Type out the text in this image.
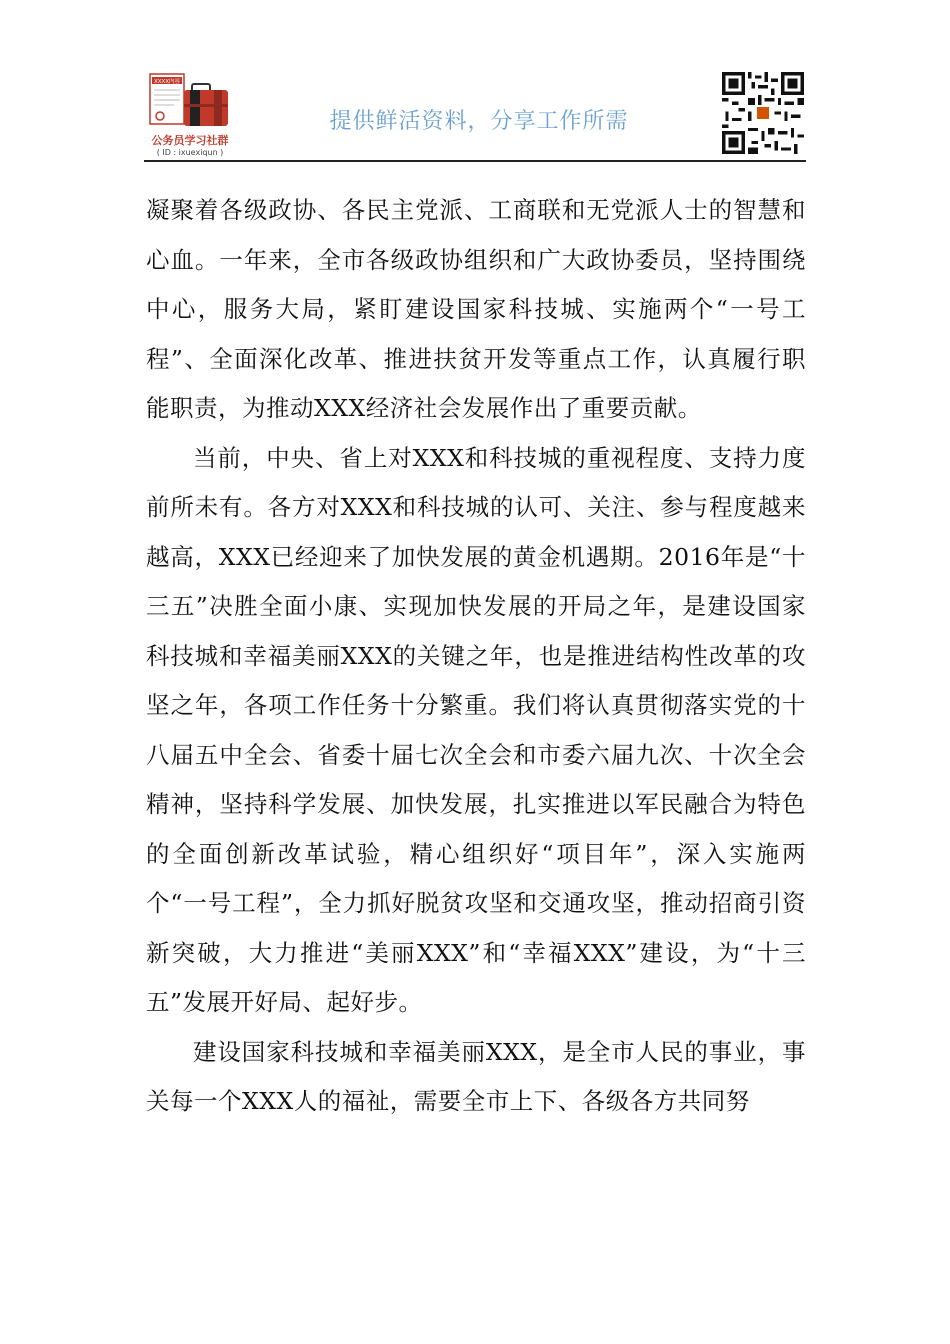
XXXX内容
公务员学习社群
( ID : ixuexiqun )
提供鲜活资料，分享工作所需

凝聚着各级政协、各民主党派、工商联和无党派人士的智慧和心血。一年来，全市各级政协组织和广大政协委员，坚持围绕中心，服务大局，紧盯建设国家科技城、实施两个“一号工程”、全面深化改革、推进扶贫开发等重点工作，认真履行职能职责，为推动XXX经济社会发展作出了重要贡献。

当前，中央、省上对XXX和科技城的重视程度、支持力度前所未有。各方对XXX和科技城的认可、关注、参与程度越来越高，XXX已经迎来了加快发展的黄金机遇期。2016年是“十三五”决胜全面小康、实现加快发展的开局之年，是建设国家科技城和幸福美丽XXX的关键之年，也是推进结构性改革的攻坚之年，各项工作任务十分繁重。我们将认真贯彻落实党的十八届五中全会、省委十届七次全会和市委六届九次、十次全会精神，坚持科学发展、加快发展，扎实推进以军民融合为特色的全面创新改革试验，精心组织好“项目年”，深入实施两个“一号工程”，全力抓好脱贫攻坚和交通攻坚，推动招商引资新突破，大力推进“美丽XXX”和“幸福XXX”建设，为“十三五”发展开好局、起好步。

建设国家科技城和幸福美丽XXX，是全市人民的事业，事关每一个XXX人的福祉，需要全市上下、各级各方共同努
